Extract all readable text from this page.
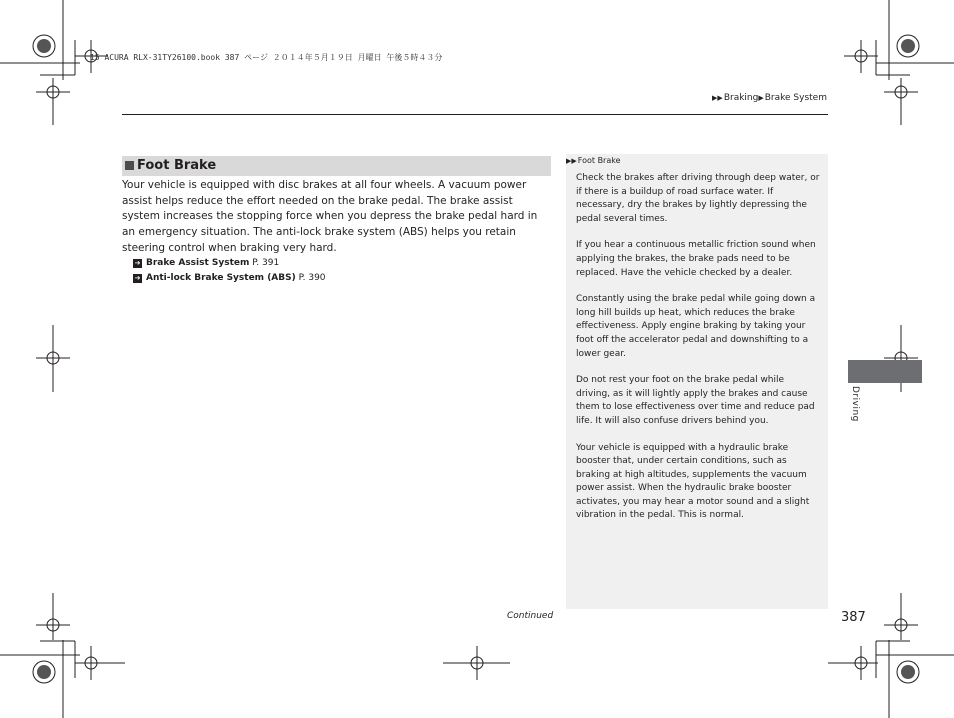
15 ACURA RLX-31TY26100.book 387 ページ ２０１４年５月１９日 月曜日 午後５時４３分
▶▶Braking▶Brake System
Foot Brake
Your vehicle is equipped with disc brakes at all four wheels. A vacuum power assist helps reduce the effort needed on the brake pedal. The brake assist system increases the stopping force when you depress the brake pedal hard in an emergency situation. The anti-lock brake system (ABS) helps you retain steering control when braking very hard.
➔ Brake Assist System P. 391
➔ Anti-lock Brake System (ABS) P. 390
▶▶Foot Brake

Check the brakes after driving through deep water, or if there is a buildup of road surface water. If necessary, dry the brakes by lightly depressing the pedal several times.

If you hear a continuous metallic friction sound when applying the brakes, the brake pads need to be replaced. Have the vehicle checked by a dealer.

Constantly using the brake pedal while going down a long hill builds up heat, which reduces the brake effectiveness. Apply engine braking by taking your foot off the accelerator pedal and downshifting to a lower gear.

Do not rest your foot on the brake pedal while driving, as it will lightly apply the brakes and cause them to lose effectiveness over time and reduce pad life. It will also confuse drivers behind you.

Your vehicle is equipped with a hydraulic brake booster that, under certain conditions, such as braking at high altitudes, supplements the vacuum power assist. When the hydraulic brake booster activates, you may hear a motor sound and a slight vibration in the pedal. This is normal.

Driving
Continued	387
